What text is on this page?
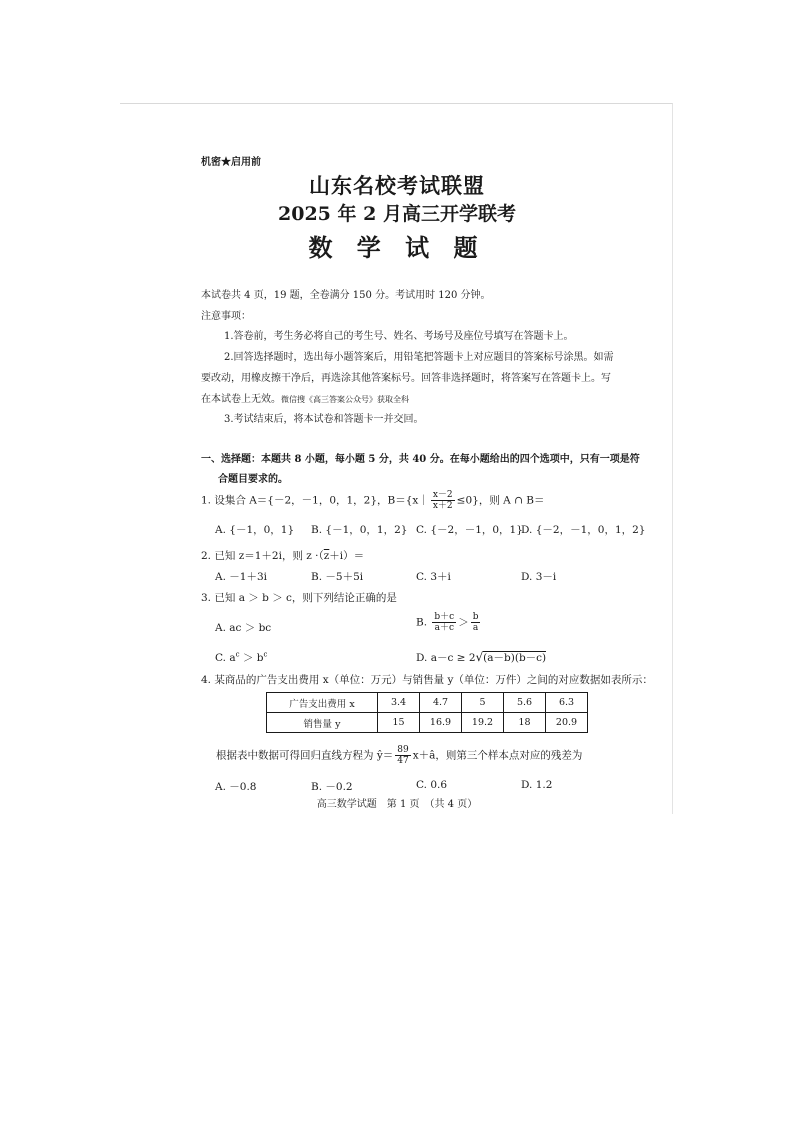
机密★启用前
山东名校考试联盟
2025 年 2 月高三开学联考
数 学 试 题
本试卷共 4 页，19 题，全卷满分 150 分。考试用时 120 分钟。
注意事项：
1.答卷前，考生务必将自己的考生号、姓名、考场号及座位号填写在答题卡上。
2.回答选择题时，选出每小题答案后，用铅笔把答题卡上对应题目的答案标号涂黑。如需
要改动，用橡皮擦干净后，再选涂其他答案标号。回答非选择题时，将答案写在答题卡上。写
在本试卷上无效。微信搜《高三答案公众号》获取全科
3.考试结束后，将本试卷和答题卡一并交回。
一、选择题：本题共 8 小题，每小题 5 分，共 40 分。在每小题给出的四个选项中，只有一项是符
合题目要求的。
1. 设集合 A＝{－2，－1，0，1，2}，B＝{x｜ $\frac{x-2}{x+2} \le 0$}，则 A ∩ B＝
A. {－1，0，1} B. {－1，0，1，2} C. {－2，－1，0，1}
D. {－2，－1，0，1，2}
2. 已知 z＝1＋2i，则 $z \cdot(\overline{z}+i)=$
A. －1＋3i	B. －5＋5i	C. 3＋i	D. 3－i
3. 已知 a ＞ b ＞ c，则下列结论正确的是
A. ac ＞ bc	B. $\frac{b+c}{a+c} > \frac{b}{a}$
C. $a^c > b^c$	D. a－c ≥ 2√(a－b)(b－c)
4. 某商品的广告支出费用 x（单位：万元）与销售量 y（单位：万件）之间的对应数据如表所示：
广告支出费用 x	3.4	4.7	5	5.6	6.3
销售量 y	15	16.9	19.2	18	20.9
根据表中数据可得回归直线方程为 ŷ＝ $\frac{89}{47}$ x＋â，则第三个样本点对应的残差为
A. －0.8	B. －0.2	C. 0.6	D. 1.2
高三数学试题　第 1 页　（共 4 页）
